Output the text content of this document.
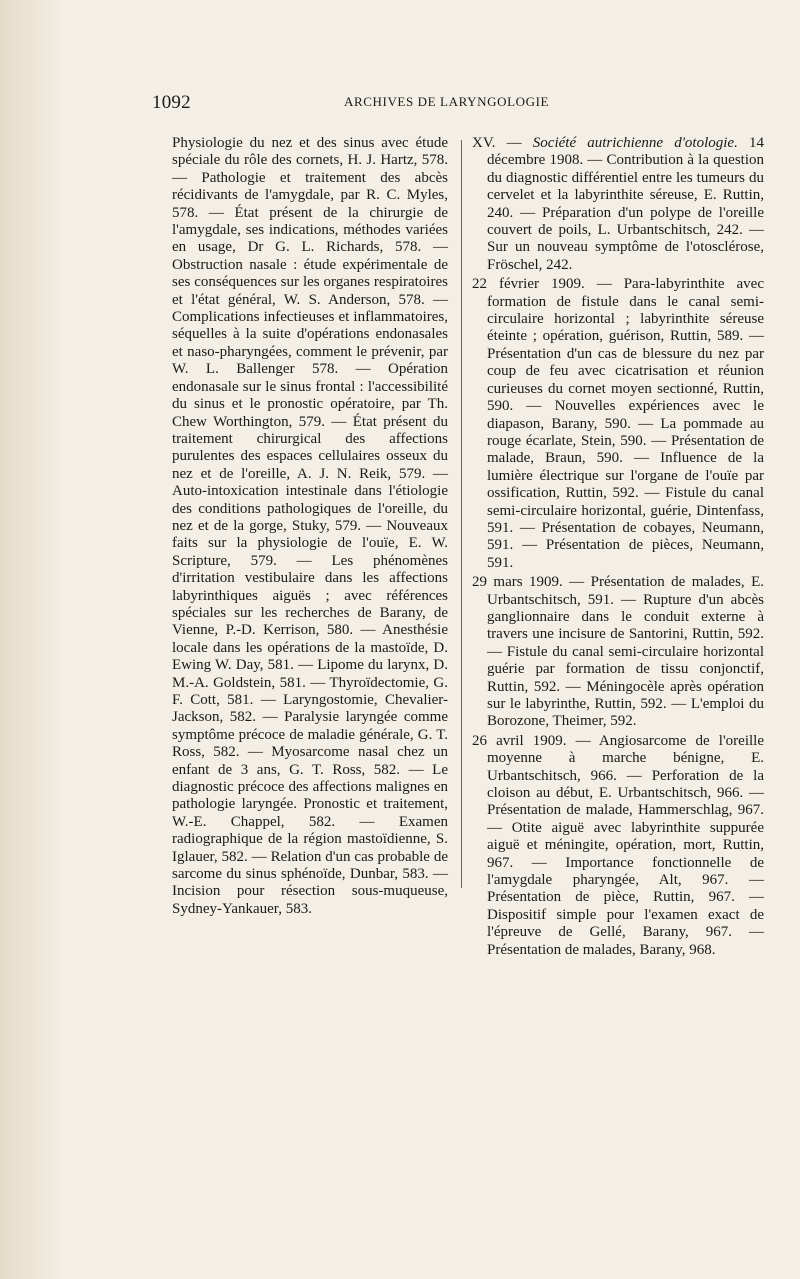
1092	ARCHIVES DE LARYNGOLOGIE

Physiologie du nez et des sinus avec étude spéciale du rôle des cornets, H. J. Hartz, 578. — Pathologie et traitement des abcès récidivants de l'amygdale, par R. C. Myles, 578. — État présent de la chirurgie de l'amygdale, ses indications, méthodes variées en usage, Dr G. L. Richards, 578. — Obstruction nasale : étude expérimentale de ses conséquences sur les organes respiratoires et l'état général, W. S. Anderson, 578. — Complications infectieuses et inflammatoires, séquelles à la suite d'opérations endonasales et naso-pharyngées, comment le prévenir, par W. L. Ballenger 578. — Opération endonasale sur le sinus frontal : l'accessibilité du sinus et le pronostic opératoire, par Th. Chew Worthington, 579. — État présent du traitement chirurgical des affections purulentes des espaces cellulaires osseux du nez et de l'oreille, A. J. N. Reik, 579. — Auto-intoxication intestinale dans l'étiologie des conditions pathologiques de l'oreille, du nez et de la gorge, Stuky, 579. — Nouveaux faits sur la physiologie de l'ouïe, E. W. Scripture, 579. — Les phénomènes d'irritation vestibulaire dans les affections labyrinthiques aiguës ; avec références spéciales sur les recherches de Barany, de Vienne, P.-D. Kerrison, 580. — Anesthésie locale dans les opérations de la mastoïde, D. Ewing W. Day, 581. — Lipome du larynx, D. M.-A. Goldstein, 581. — Thyroïdectomie, G. F. Cott, 581. — Laryngostomie, Chevalier-Jackson, 582. — Paralysie laryngée comme symptôme précoce de maladie générale, G. T. Ross, 582. — Myosarcome nasal chez un enfant de 3 ans, G. T. Ross, 582. — Le diagnostic précoce des affections malignes en pathologie laryngée. Pronostic et traitement, W.-E. Chappel, 582. — Examen radiographique de la région mastoïdienne, S. Iglauer, 582. — Relation d'un cas probable de sarcome du sinus sphénoïde, Dunbar, 583. — Incision pour résection sous-muqueuse, Sydney-Yankauer, 583.

XV. — Société autrichienne d'otologie. 14 décembre 1908. — Contribution à la question du diagnostic différentiel entre les tumeurs du cervelet et la labyrinthite séreuse, E. Ruttin, 240. — Préparation d'un polype de l'oreille couvert de poils, L. Urbantschitsch, 242. — Sur un nouveau symptôme de l'otosclérose, Fröschel, 242.

22 février 1909. — Para-labyrinthite avec formation de fistule dans le canal semi-circulaire horizontal ; labyrinthite séreuse éteinte ; opération, guérison, Ruttin, 589. — Présentation d'un cas de blessure du nez par coup de feu avec cicatrisation et réunion curieuses du cornet moyen sectionné, Ruttin, 590. — Nouvelles expériences avec le diapason, Barany, 590. — La pommade au rouge écarlate, Stein, 590. — Présentation de malade, Braun, 590. — Influence de la lumière électrique sur l'organe de l'ouïe par ossification, Ruttin, 592. — Fistule du canal semi-circulaire horizontal, guérie, Dintenfass, 591. — Présentation de cobayes, Neumann, 591. — Présentation de pièces, Neumann, 591.

29 mars 1909. — Présentation de malades, E. Urbantschitsch, 591. — Rupture d'un abcès ganglionnaire dans le conduit externe à travers une incisure de Santorini, Ruttin, 592. — Fistule du canal semi-circulaire horizontal guérie par formation de tissu conjonctif, Ruttin, 592. — Méningocèle après opération sur le labyrinthe, Ruttin, 592. — L'emploi du Borozone, Theimer, 592.

26 avril 1909. — Angiosarcome de l'oreille moyenne à marche bénigne, E. Urbantschitsch, 966. — Perforation de la cloison au début, E. Urbantschitsch, 966. — Présentation de malade, Hammerschlag, 967. — Otite aiguë avec labyrinthite suppurée aiguë et méningite, opération, mort, Ruttin, 967. — Importance fonctionnelle de l'amygdale pharyngée, Alt, 967. — Présentation de pièce, Ruttin, 967. — Dispositif simple pour l'examen exact de l'épreuve de Gellé, Barany, 967. — Présentation de malades, Barany, 968.
